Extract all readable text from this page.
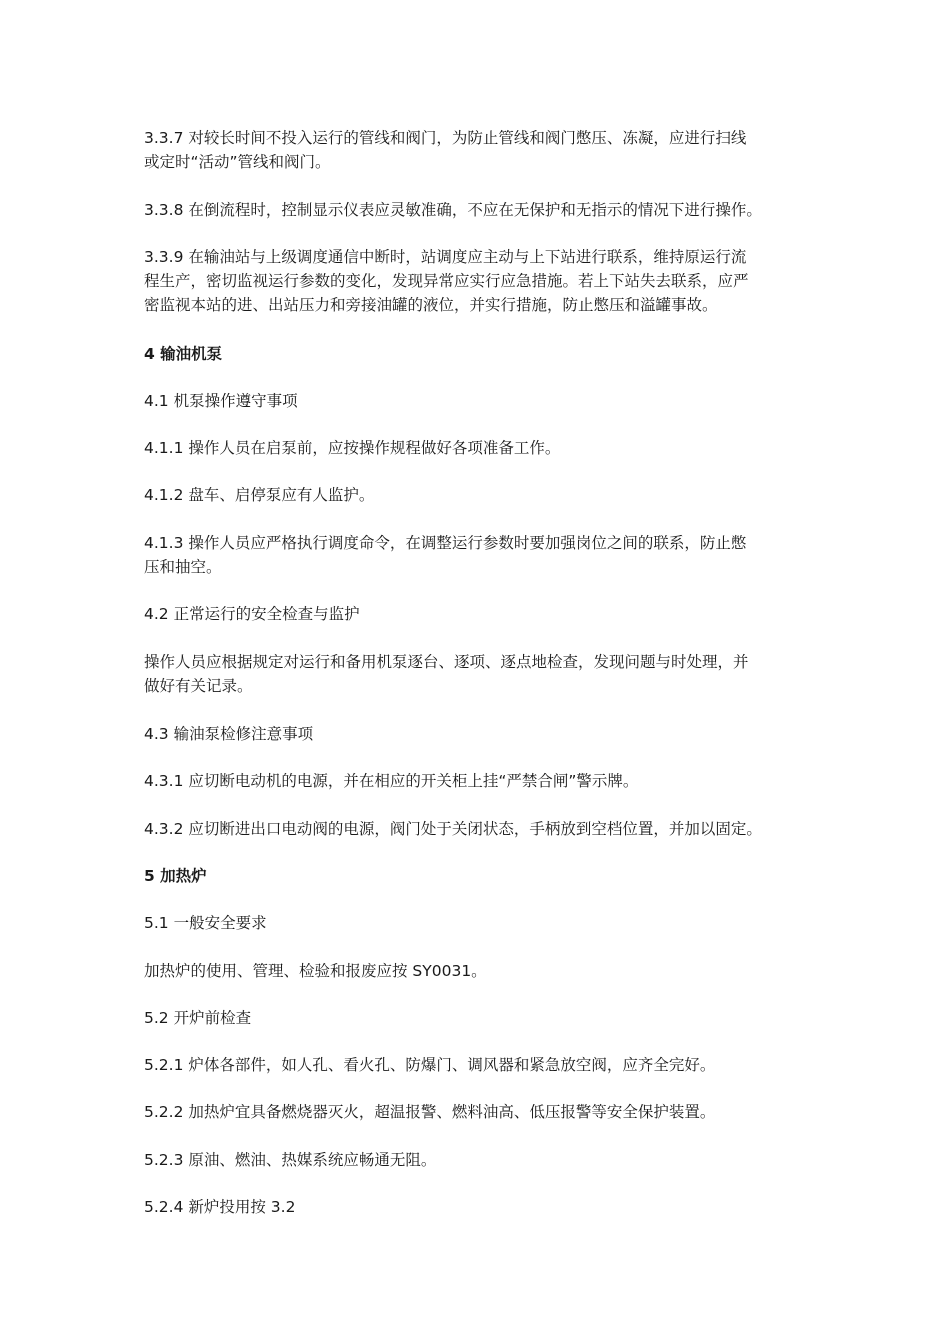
3.3.7 对较长时间不投入运行的管线和阀门，为防止管线和阀门憋压、冻凝，应进行扫线
或定时“活动”管线和阀门。
3.3.8 在倒流程时，控制显示仪表应灵敏准确，不应在无保护和无指示的情况下进行操作。
3.3.9 在输油站与上级调度通信中断时，站调度应主动与上下站进行联系，维持原运行流
程生产，密切监视运行参数的变化，发现异常应实行应急措施。若上下站失去联系，应严
密监视本站的进、出站压力和旁接油罐的液位，并实行措施，防止憋压和溢罐事故。
4 输油机泵
4.1 机泵操作遵守事项
4.1.1 操作人员在启泵前，应按操作规程做好各项准备工作。
4.1.2 盘车、启停泵应有人监护。
4.1.3 操作人员应严格执行调度命令，在调整运行参数时要加强岗位之间的联系，防止憋
压和抽空。
4.2 正常运行的安全检查与监护
操作人员应根据规定对运行和备用机泵逐台、逐项、逐点地检查，发现问题与时处理，并
做好有关记录。
4.3 输油泵检修注意事项
4.3.1 应切断电动机的电源，并在相应的开关柜上挂“严禁合闸”警示牌。
4.3.2 应切断进出口电动阀的电源，阀门处于关闭状态，手柄放到空档位置，并加以固定。
5 加热炉
5.1 一般安全要求
加热炉的使用、管理、检验和报废应按 SY0031。
5.2 开炉前检查
5.2.1 炉体各部件，如人孔、看火孔、防爆门、调风器和紧急放空阀，应齐全完好。
5.2.2 加热炉宜具备燃烧器灭火，超温报警、燃料油高、低压报警等安全保护装置。
5.2.3 原油、燃油、热媒系统应畅通无阻。
5.2.4 新炉投用按 3.2
